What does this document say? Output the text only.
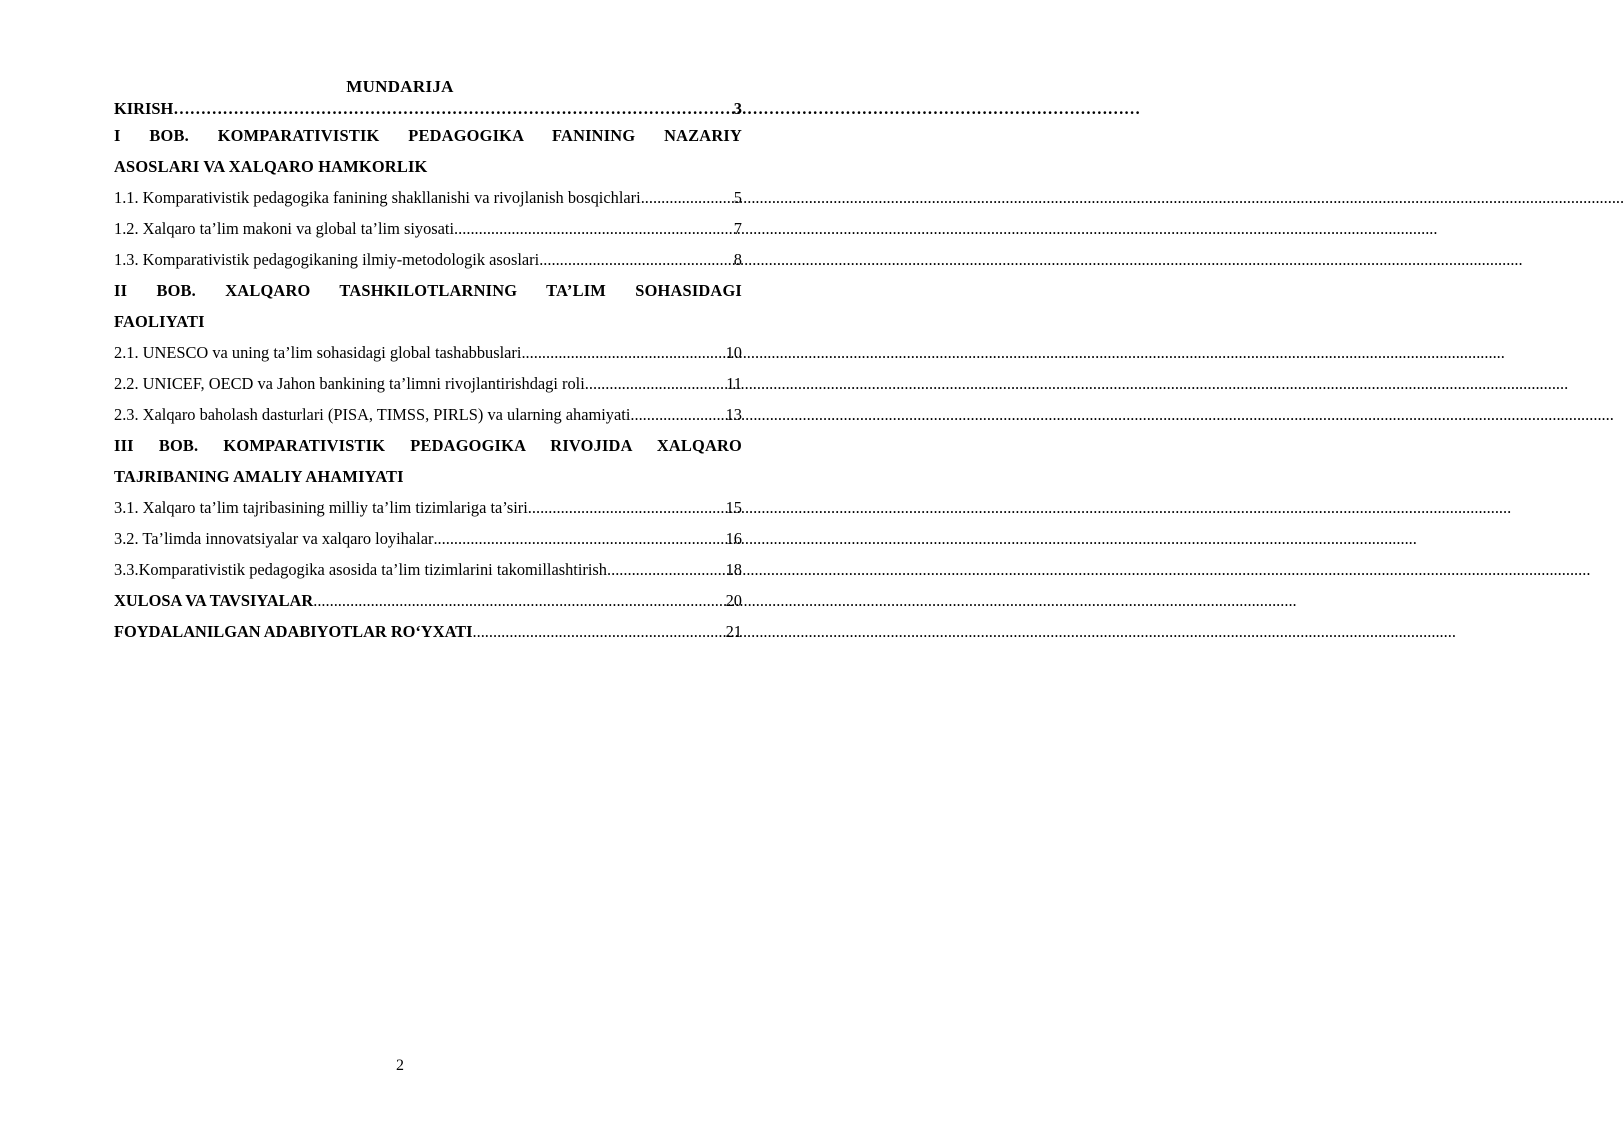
MUNDARIJA
KIRISH ……………………………………………………………………………………………………………………………………………………………	3
I BOB. KOMPARATIVISTIK PEDAGOGIKA FANINING NAZARIY
ASOSLARI VA XALQARO HAMKORLIK
1.1. Komparativistik pedagogika fanining shakllanishi va rivojlanish bosqichlari .....	5
1.2. Xalqaro ta’lim makoni va global ta’lim siyosati .....	7
1.3. Komparativistik pedagogikaning ilmiy-metodologik asoslari .....	8
II BOB. XALQARO TASHKILOTLARNING TA’LIM SOHASIDAGI
FAOLIYATI
2.1. UNESCO va uning ta’lim sohasidagi global tashabbuslari .....	10
2.2. UNICEF, OECD va Jahon bankining ta’limni rivojlantirishdagi roli .....	11
2.3. Xalqaro baholash dasturlari (PISA, TIMSS, PIRLS) va ularning ahamiyati .....	13
III BOB. KOMPARATIVISTIK PEDAGOGIKA RIVOJIDA XALQARO
TAJRIBANING AMALIY AHAMIYATI
3.1. Xalqaro ta’lim tajribasining milliy ta’lim tizimlariga ta’siri .....	15
3.2. Ta’limda innovatsiyalar va xalqaro loyihalar .....	16
3.3.Komparativistik pedagogika asosida ta’lim tizimlarini takomillashtirish .....	18
XULOSA VA TAVSIYALAR .....	20
FOYDALANILGAN ADABIYOTLAR RO‘YXATI .....	21
2
